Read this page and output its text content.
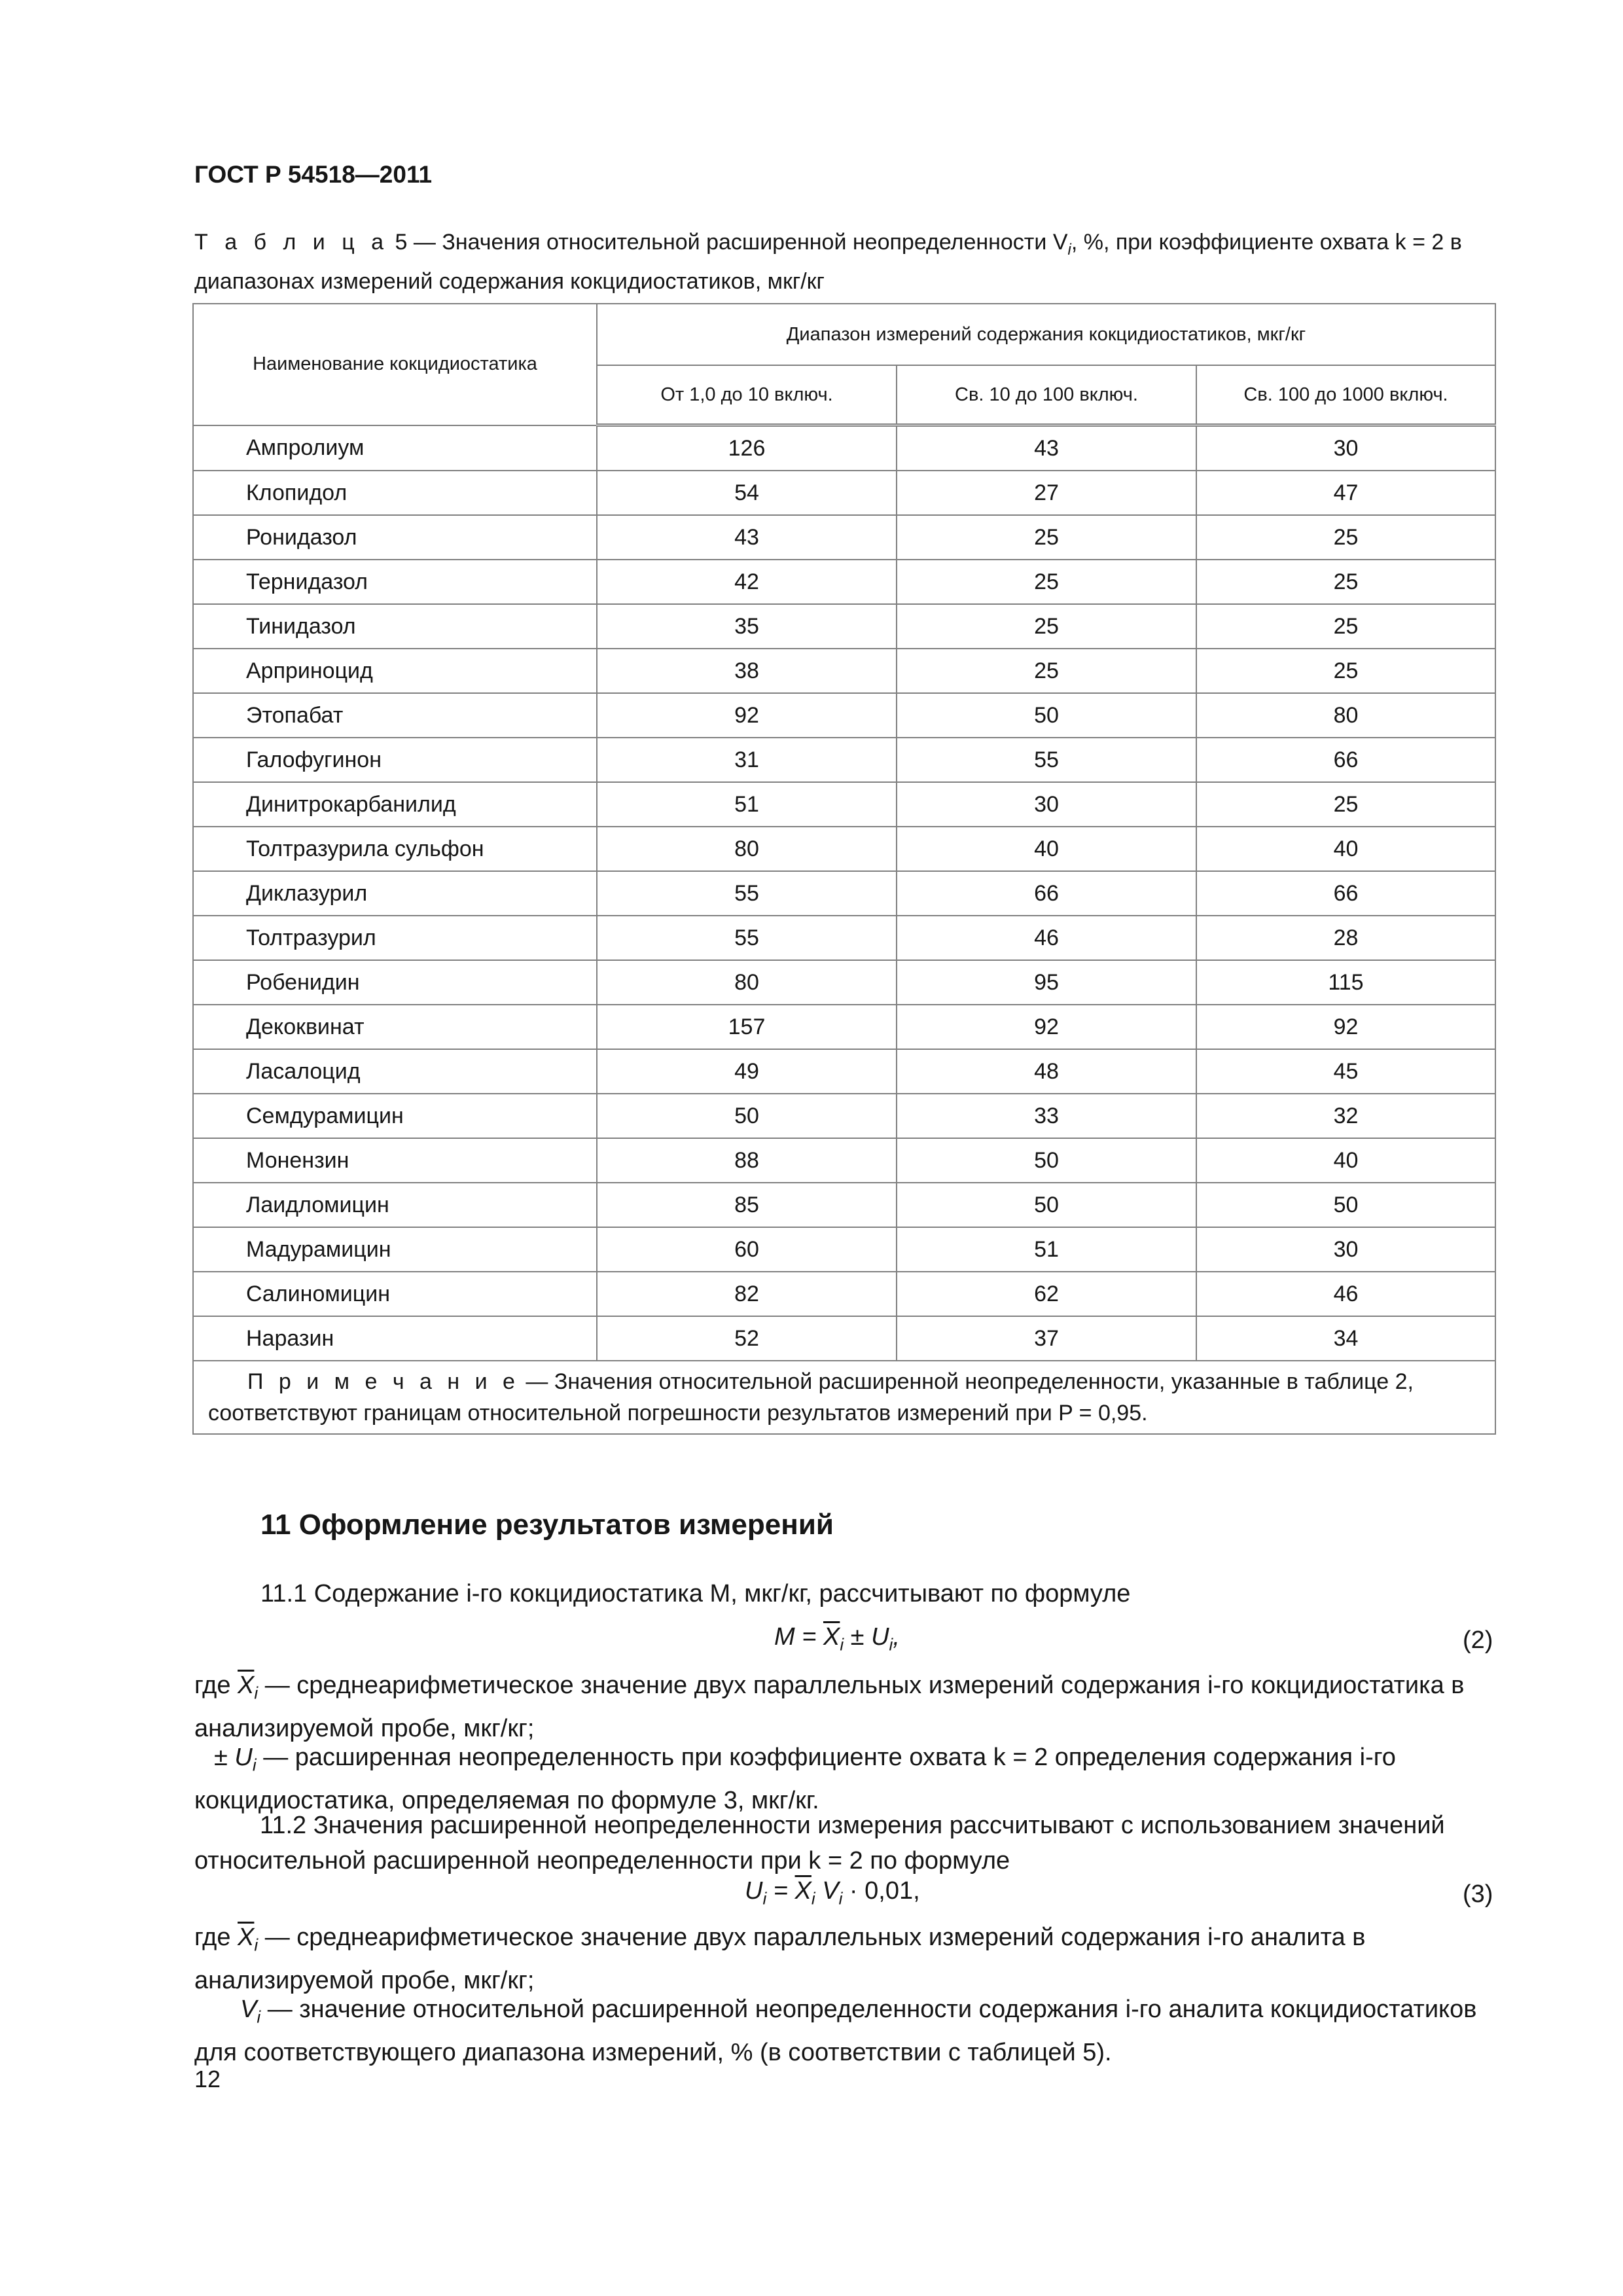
ГОСТ Р 54518—2011
Т а б л и ц а 5 — Значения относительной расширенной неопределенности $V_i$, %, при коэффициенте охвата k = 2 в диапазонах измерений содержания кокцидиостатиков, мкг/кг
Наименование кокцидиостатика	Диапазон измерений содержания кокцидиостатиков, мкг/кг		
	От 1,0 до 10 включ.	Св. 10 до 100 включ.	Св. 100 до 1000 включ.
Ампролиум	126	43	30
Клопидол	54	27	47
Ронидазол	43	25	25
Тернидазол	42	25	25
Тинидазол	35	25	25
Арприноцид	38	25	25
Этопабат	92	50	80
Галофугинон	31	55	66
Динитрокарбанилид	51	30	25
Толтразурила сульфон	80	40	40
Диклазурил	55	66	66
Толтразурил	55	46	28
Робенидин	80	95	115
Декоквинат	157	92	92
Ласалоцид	49	48	45
Семдурамицин	50	33	32
Монензин	88	50	40
Лаидломицин	85	50	50
Мадурамицин	60	51	30
Салиномицин	82	62	46
Наразин	52	37	34
П р и м е ч а н и е — Значения относительной расширенной неопределенности, указанные в таблице 2, соответствуют границам относительной погрешности результатов измерений при P = 0,95.			
11 Оформление результатов измерений
11.1 Содержание i-го кокцидиостатика M, мкг/кг, рассчитывают по формуле
$M = \overline{X}_i \pm U_i$,	(2)
где $\overline{X}_i$ — среднеарифметическое значение двух параллельных измерений содержания i-го кокцидиостатика в анализируемой пробе, мкг/кг;
± $U_i$ — расширенная неопределенность при коэффициенте охвата k = 2 определения содержания i-го кокцидиостатика, определяемая по формуле 3, мкг/кг.
11.2 Значения расширенной неопределенности измерения рассчитывают с использованием значений относительной расширенной неопределенности при k = 2 по формуле
$U_i = \overline{X}_i$ $V_i \cdot 0,01$,	(3)
где $\overline{X}_i$ — среднеарифметическое значение двух параллельных измерений содержания i-го аналита в анализируемой пробе, мкг/кг;
$V_i$ — значение относительной расширенной неопределенности содержания i-го аналита кокцидиостатиков для соответствующего диапазона измерений, % (в соответствии с таблицей 5).
12
